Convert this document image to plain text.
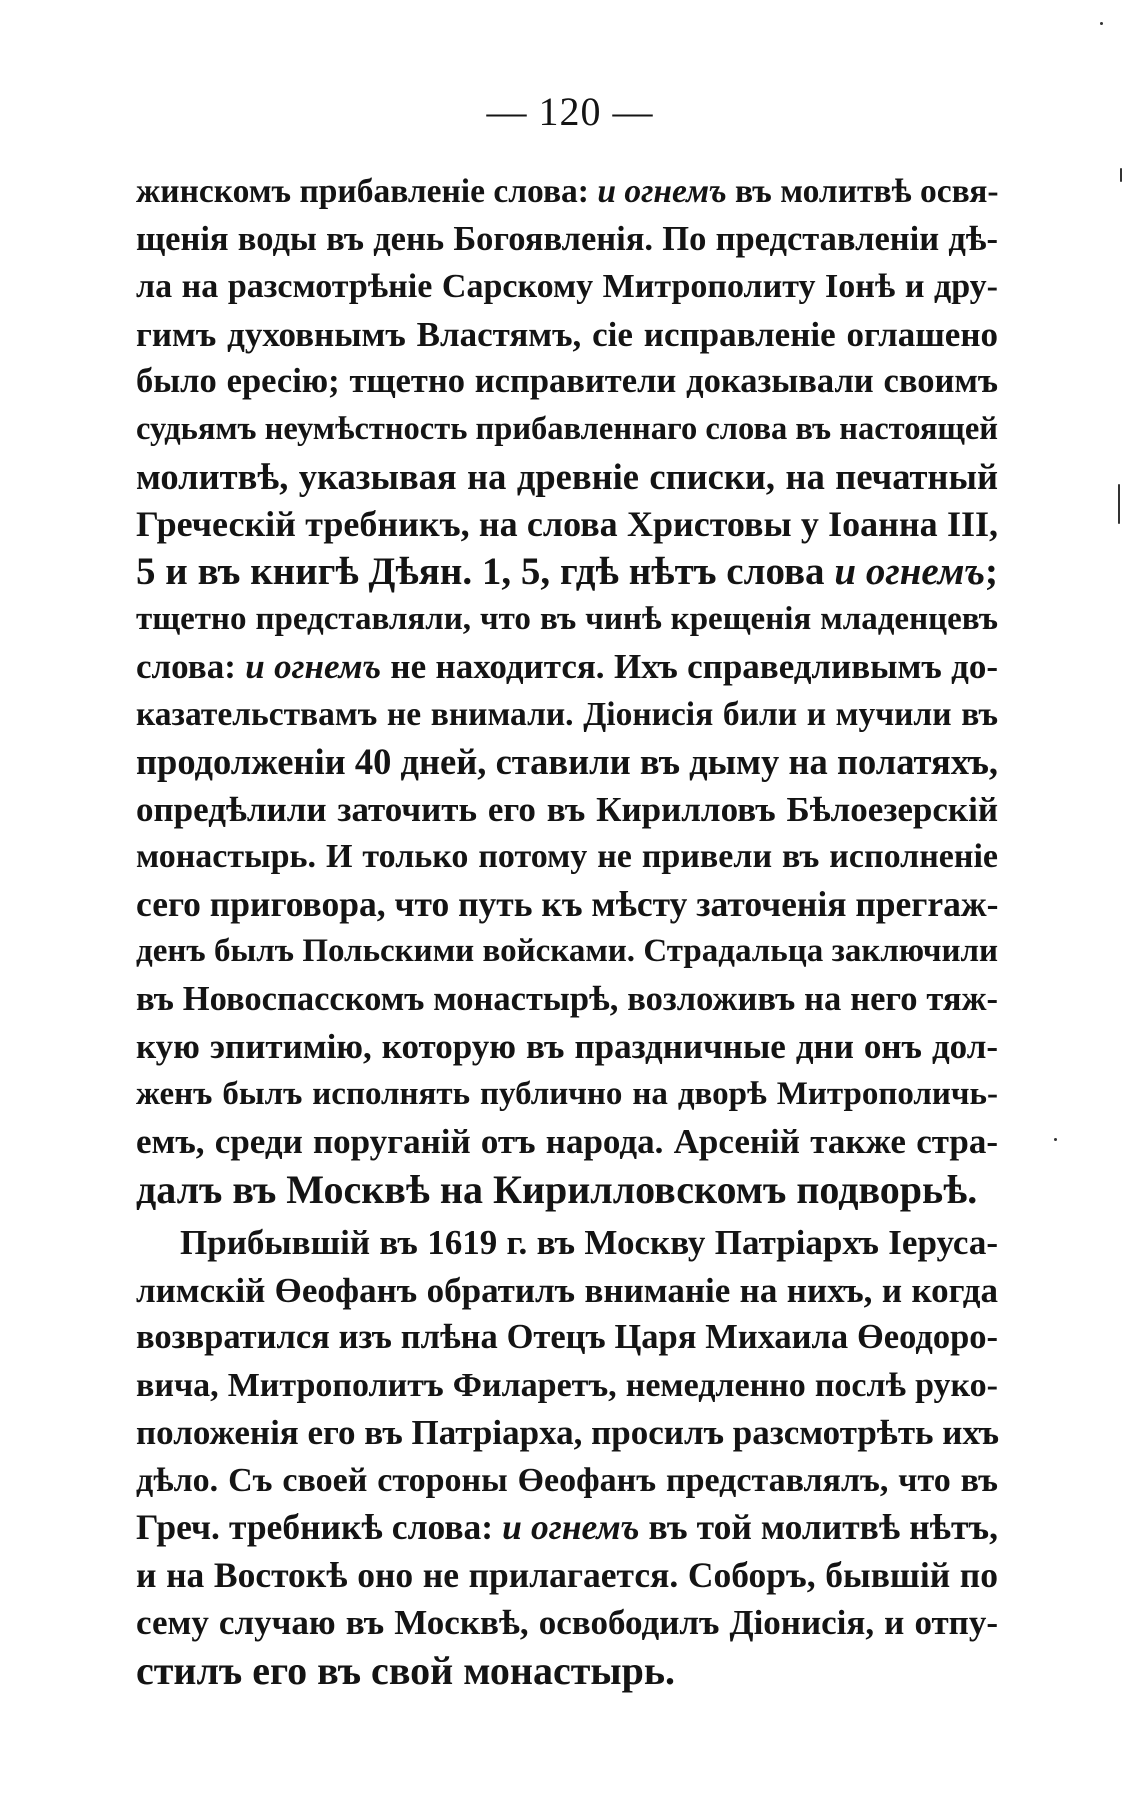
— 120 —
жинскомъ прибавленіе слова: и огнемъ въ молитвѣ освя-
щенія воды въ день Богоявленія. По представленіи дѣ-
ла на разсмотрѣніе Сарскому Митрополиту Іонѣ и дру-
гимъ духовнымъ Властямъ, сіе исправленіе оглашено
было ересію; тщетно исправители доказывали своимъ
судьямъ неумѣстность прибавленнаго слова въ настоящей
молитвѣ, указывая на древніе списки, на печатный
Греческій требникъ, на слова Христовы у Іоанна III,
5 и въ книгѣ Дѣян. 1, 5, гдѣ нѣтъ слова и огнемъ;
тщетно представляли, что въ чинѣ крещенія младенцевъ
слова: и огнемъ не находится. Ихъ справедливымъ до-
казательствамъ не внимали. Діонисія били и мучили въ
продолженіи 40 дней, ставили въ дыму на полатяхъ,
опредѣлили заточить его въ Кирилловъ Бѣлоезерскій
монастырь. И только потому не привели въ исполненіе
сего приговора, что путь къ мѣсту заточенія прегraж-
денъ былъ Польскими войсками. Страдальца заключили
въ Новоспасскомъ монастырѣ, возложивъ на него тяж-
кую эпитимію, которую въ праздничные дни онъ дол-
женъ былъ исполнять публично на дворѣ Митрополичь-
емъ, среди поруганій отъ народа. Арсеній также стра-
далъ въ Москвѣ на Кирилловскомъ подворьѣ.
Прибывшій въ 1619 г. въ Москву Патріархъ Іеруса-
лимскій Өеофанъ обратилъ вниманіе на нихъ, и когда
возвратился изъ плѣна Отецъ Царя Михаила Өеодоро-
вича, Митрополитъ Филаретъ, немедленно послѣ руко-
положенія его въ Патріарха, просилъ разсмотрѣть ихъ
дѣло. Съ своей стороны Өеофанъ представлялъ, что въ
Греч. требникѣ слова: и огнемъ въ той молитвѣ нѣтъ,
и на Востокѣ оно не прилагается. Соборъ, бывшій по
сему случаю въ Москвѣ, освободилъ Діонисія, и отпу-
стилъ его въ свой монастырь.
